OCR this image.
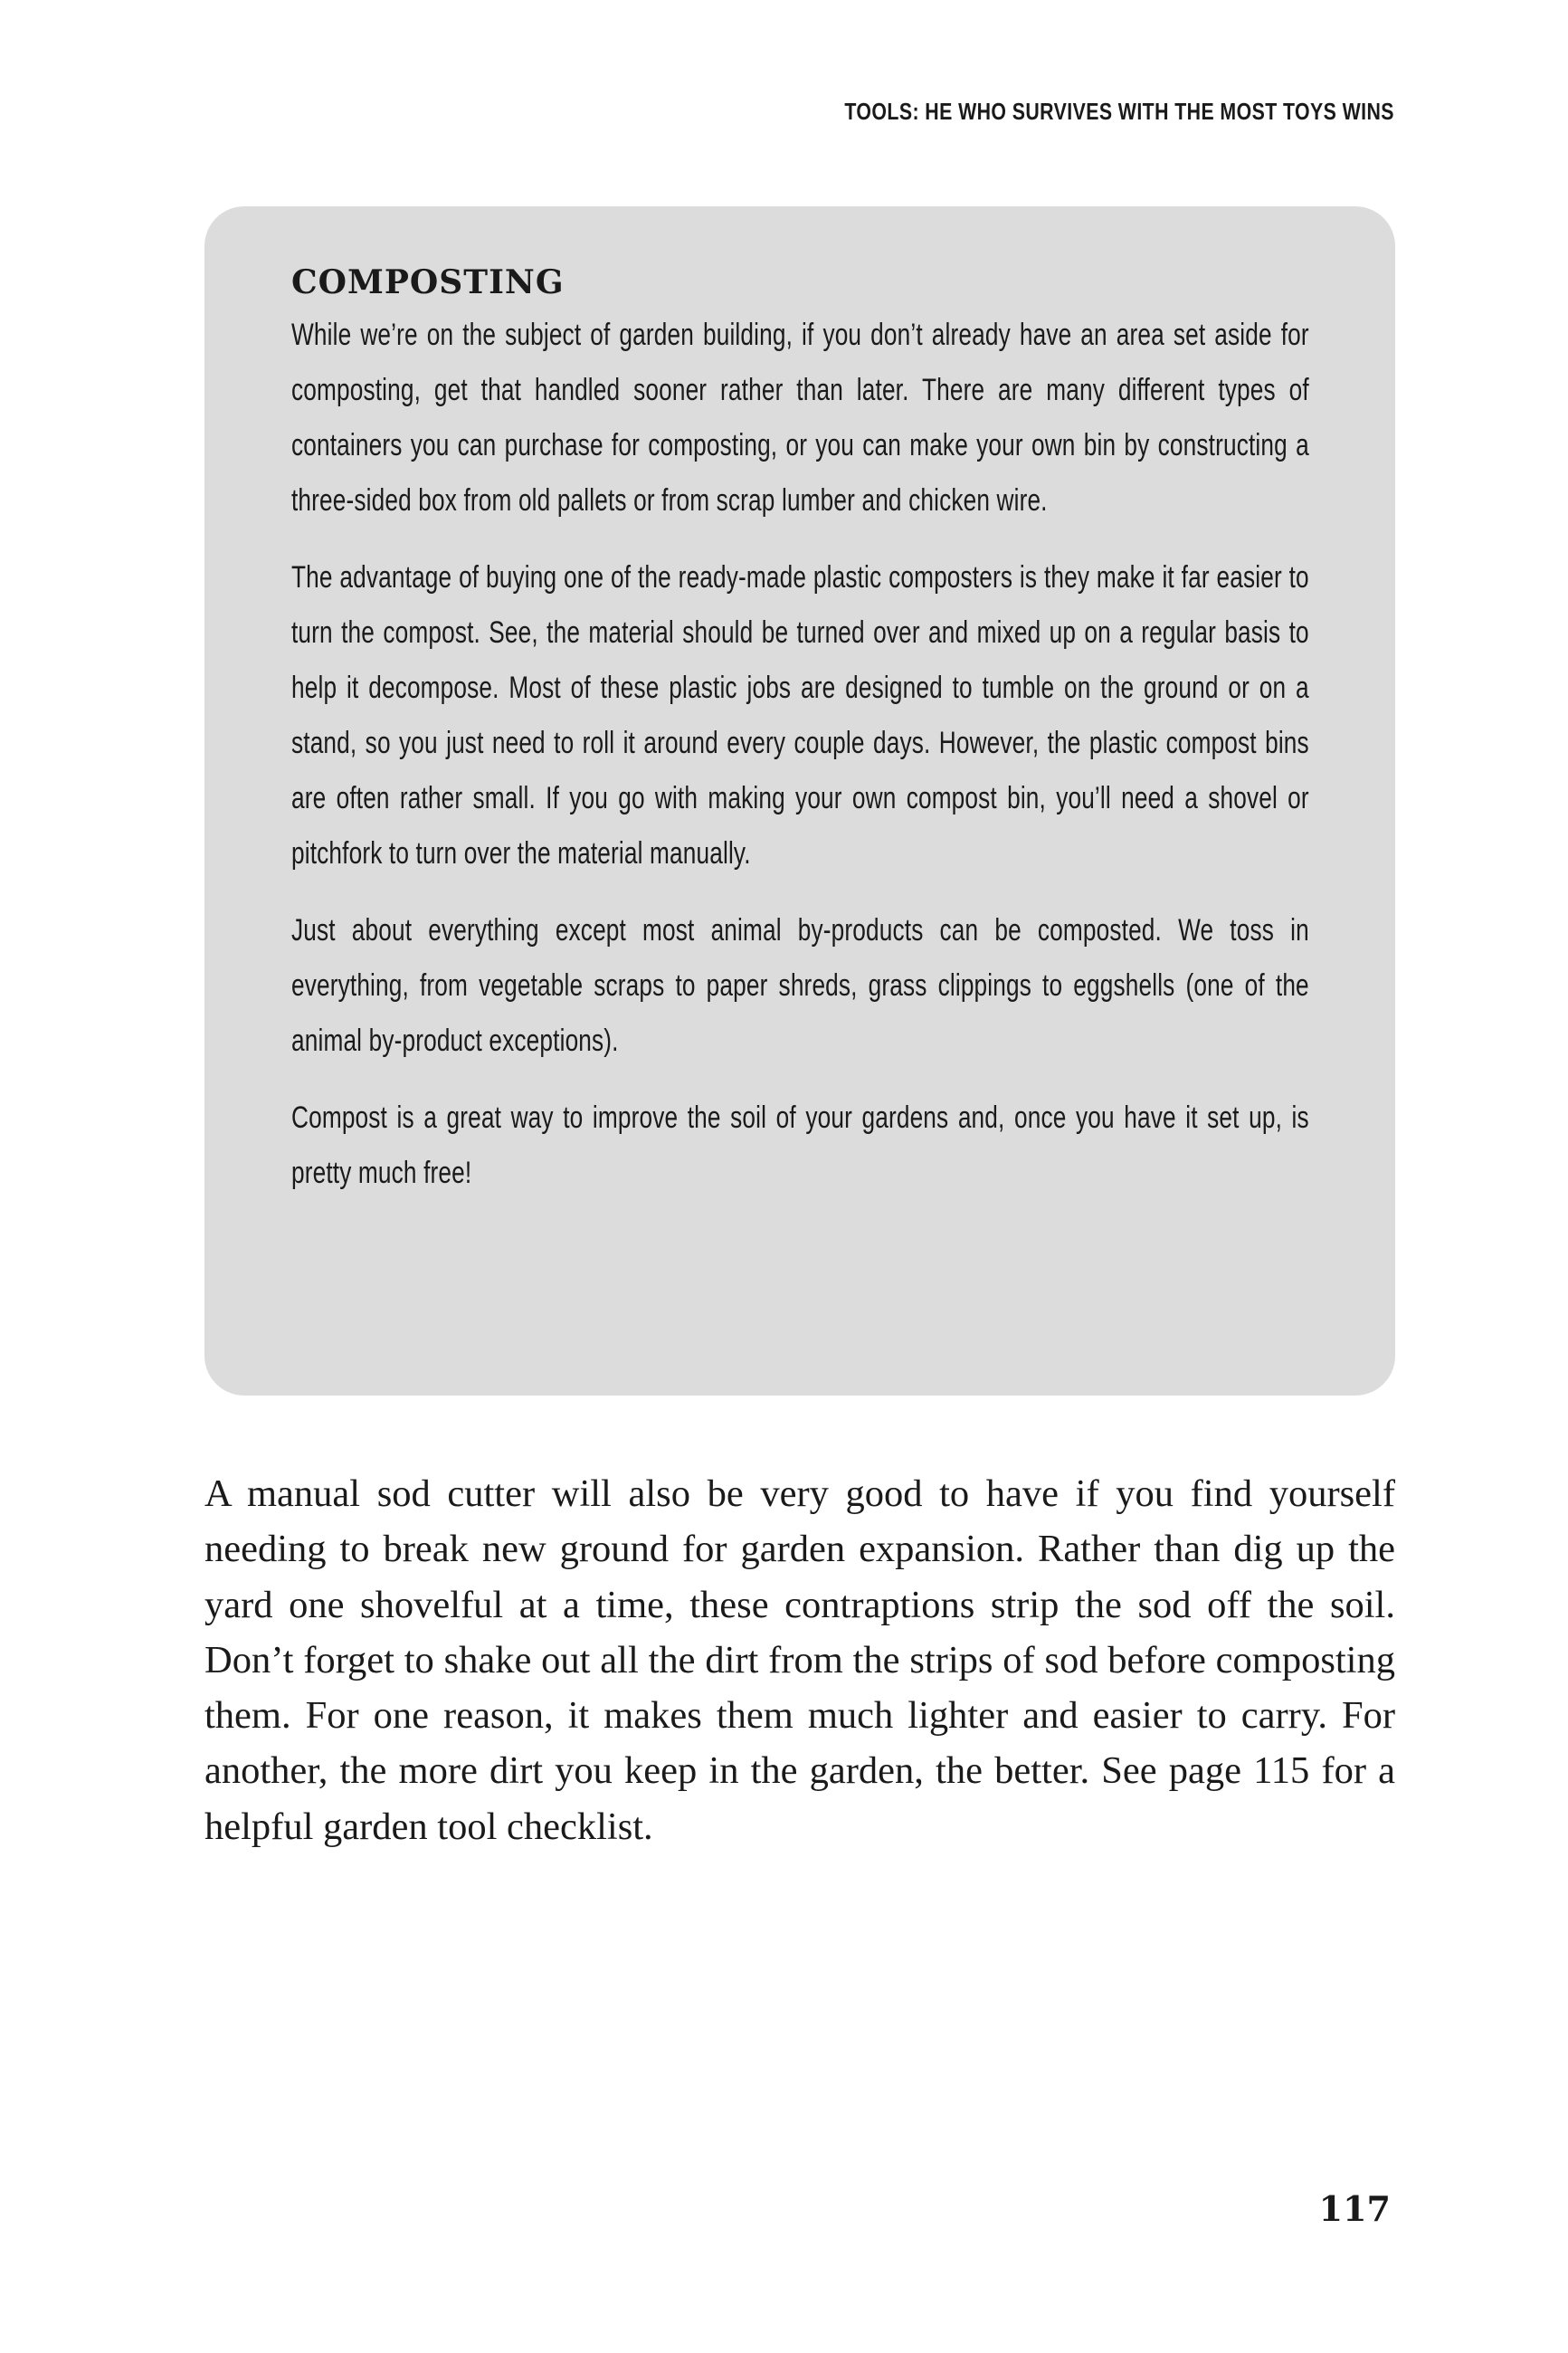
TOOLS: HE WHO SURVIVES WITH THE MOST TOYS WINS
COMPOSTING

While we’re on the subject of garden building, if you don’t already have an area set aside for composting, get that handled sooner rather than later. There are many different types of containers you can purchase for composting, or you can make your own bin by constructing a three-sided box from old pallets or from scrap lumber and chicken wire.

The advantage of buying one of the ready-made plastic composters is they make it far easier to turn the compost. See, the material should be turned over and mixed up on a regular basis to help it decompose. Most of these plastic jobs are designed to tumble on the ground or on a stand, so you just need to roll it around every couple days. However, the plastic compost bins are often rather small. If you go with making your own compost bin, you’ll need a shovel or pitchfork to turn over the material manually.

Just about everything except most animal by-products can be composted. We toss in everything, from vegetable scraps to paper shreds, grass clippings to eggshells (one of the animal by-product exceptions).

Compost is a great way to improve the soil of your gardens and, once you have it set up, is pretty much free!

A manual sod cutter will also be very good to have if you find yourself needing to break new ground for garden expansion. Rather than dig up the yard one shovelful at a time, these contraptions strip the sod off the soil. Don’t forget to shake out all the dirt from the strips of sod before composting them. For one reason, it makes them much lighter and easier to carry. For another, the more dirt you keep in the garden, the better. See page 115 for a helpful garden tool checklist.

117
